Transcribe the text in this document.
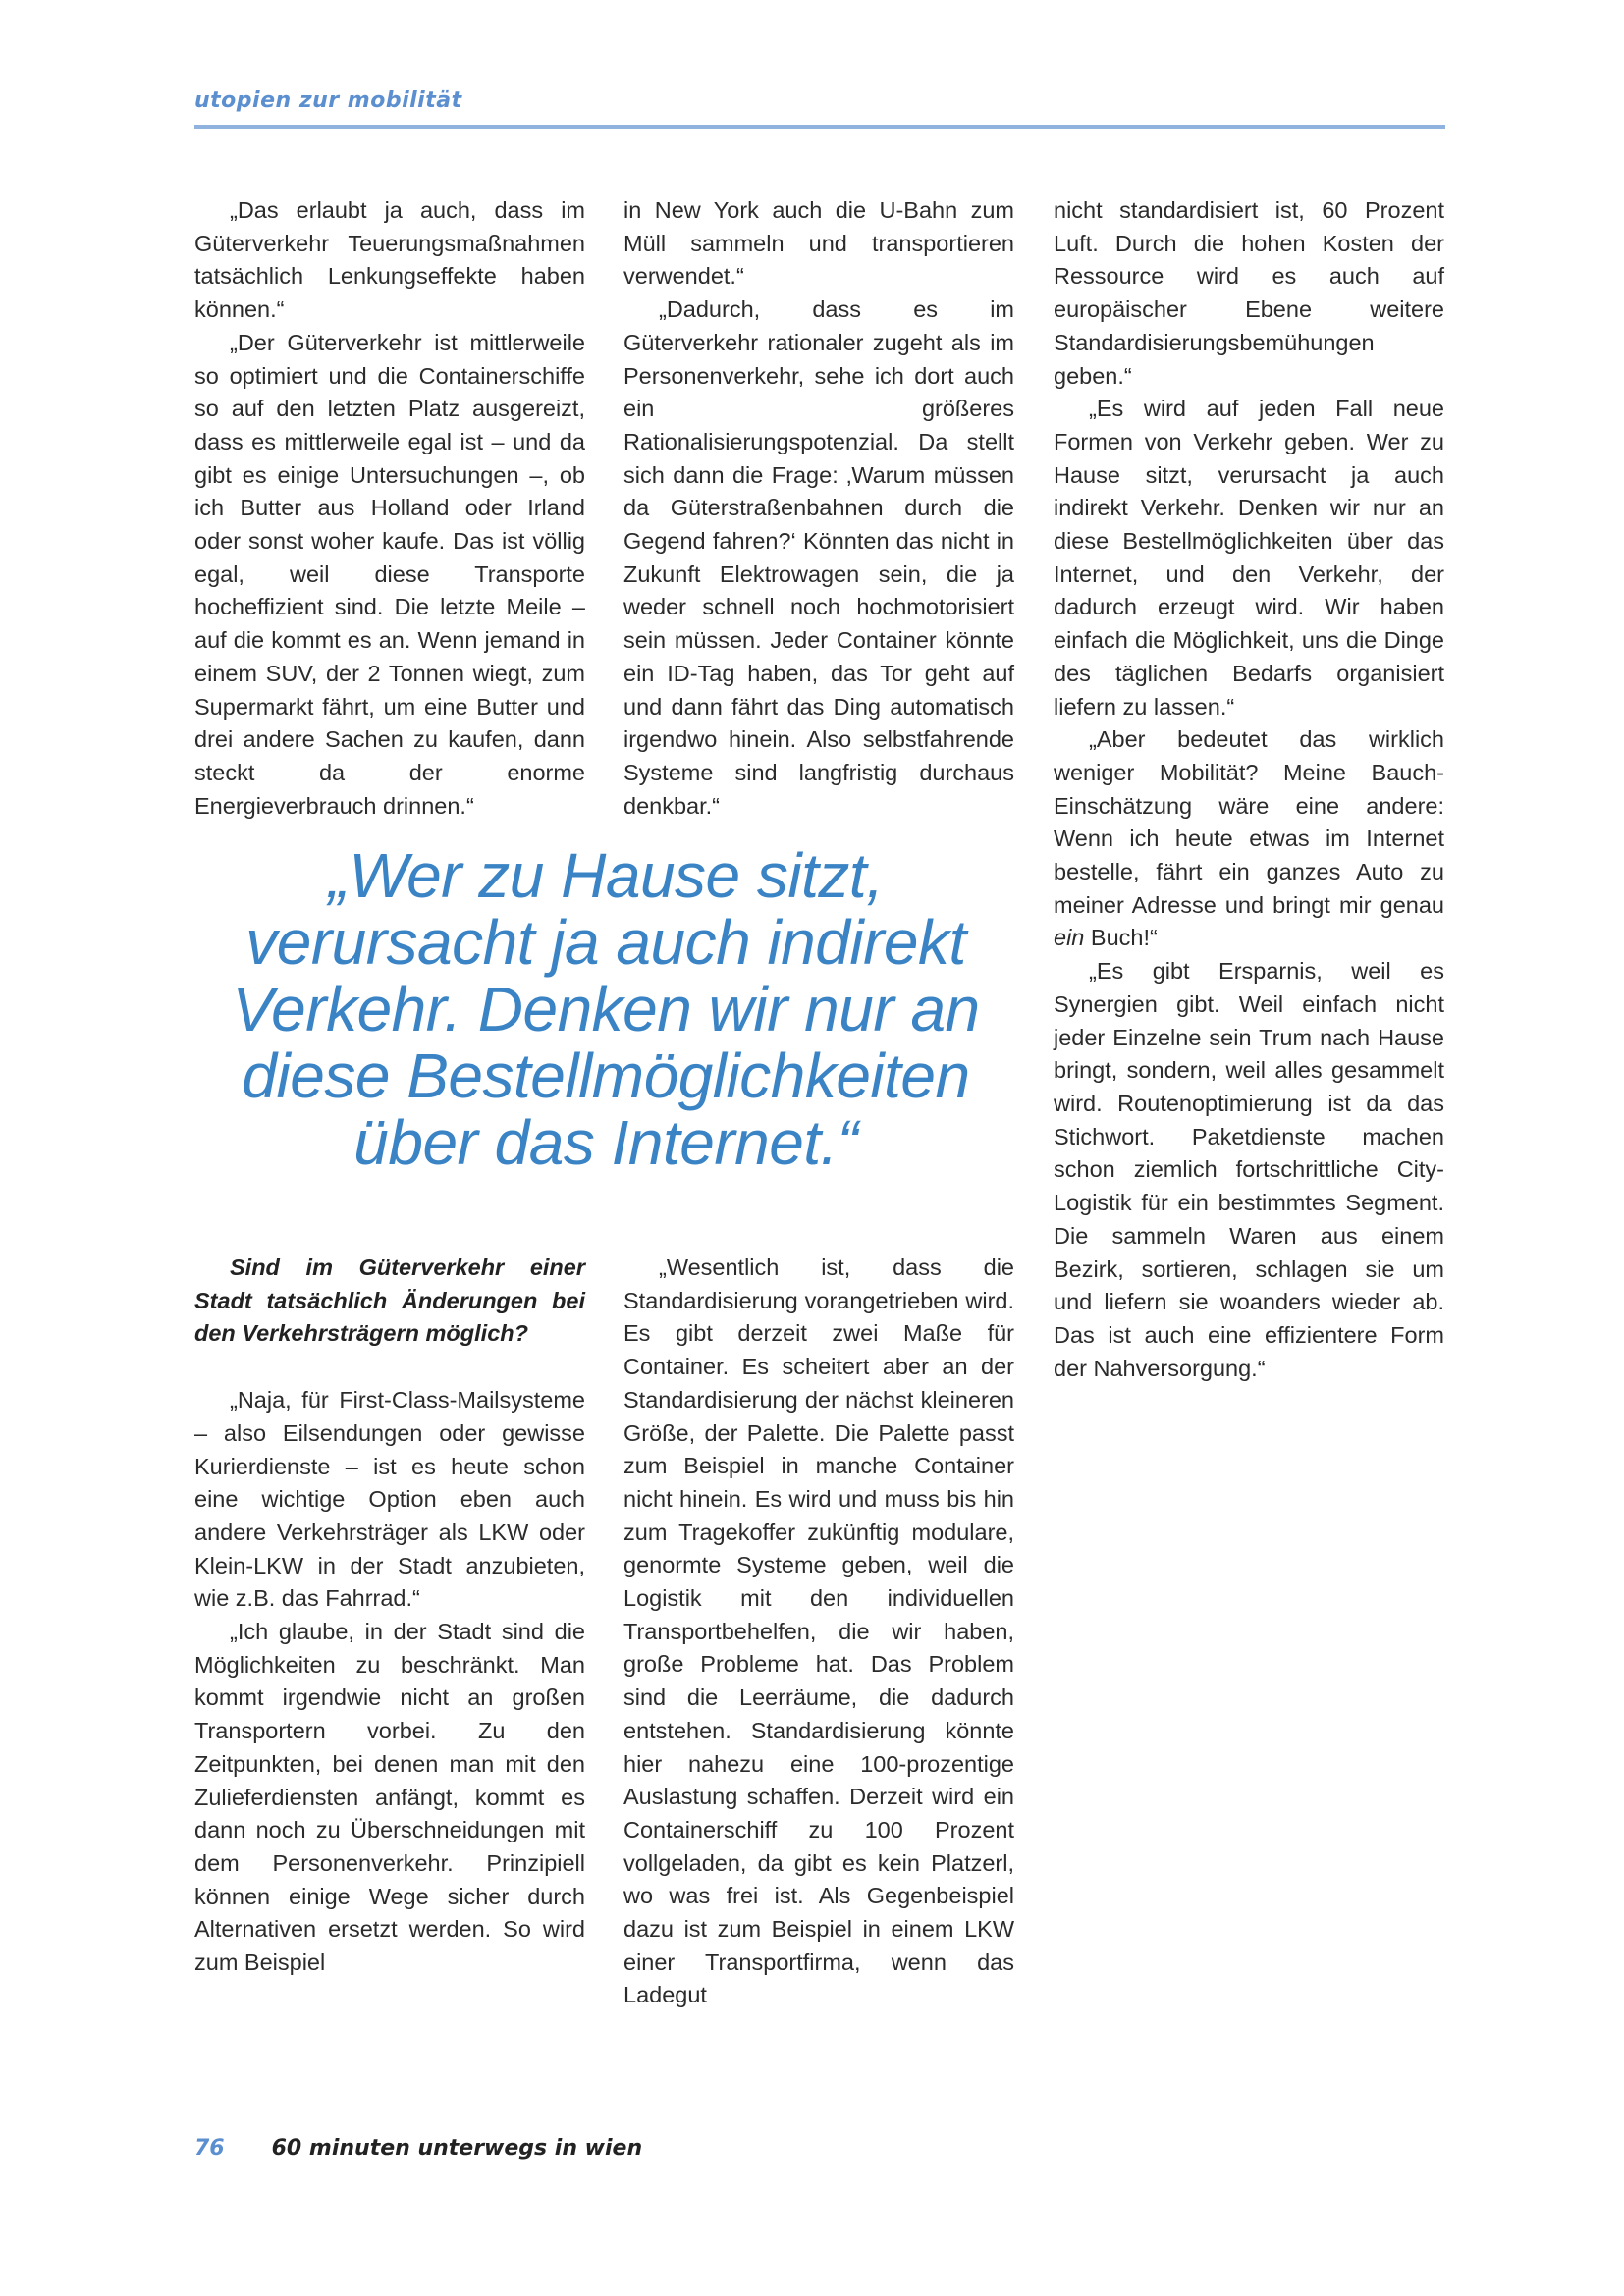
utopien zur mobilität

„Das erlaubt ja auch, dass im Güterverkehr Teuerungsmaßnahmen tatsächlich Lenkungseffekte haben können.“

„Der Güterverkehr ist mittlerweile so optimiert und die Containerschiffe so auf den letzten Platz ausgereizt, dass es mittlerweile egal ist – und da gibt es einige Untersuchungen –, ob ich Butter aus Holland oder Irland oder sonst woher kaufe. Das ist völlig egal, weil diese Transporte hocheffizient sind. Die letzte Meile – auf die kommt es an. Wenn jemand in einem SUV, der 2 Tonnen wiegt, zum Supermarkt fährt, um eine Butter und drei andere Sachen zu kaufen, dann steckt da der enorme Energieverbrauch drinnen.“

in New York auch die U-Bahn zum Müll sammeln und transportieren verwendet.“

„Dadurch, dass es im Güterverkehr rationaler zugeht als im Personenverkehr, sehe ich dort auch ein größeres Rationalisierungspotenzial. Da stellt sich dann die Frage: ‚Warum müssen da Güterstraßenbahnen durch die Gegend fahren?‘ Könnten das nicht in Zukunft Elektrowagen sein, die ja weder schnell noch hochmotorisiert sein müssen. Jeder Container könnte ein ID-Tag haben, das Tor geht auf und dann fährt das Ding automatisch irgendwo hinein. Also selbstfahrende Systeme sind langfristig durchaus denkbar.“

nicht standardisiert ist, 60 Prozent Luft. Durch die hohen Kosten der Ressource wird es auch auf europäischer Ebene weitere Standardisierungsbemühungen geben.“

„Es wird auf jeden Fall neue Formen von Verkehr geben. Wer zu Hause sitzt, verursacht ja auch indirekt Verkehr. Denken wir nur an diese Bestellmöglichkeiten über das Internet, und den Verkehr, der dadurch erzeugt wird. Wir haben einfach die Möglichkeit, uns die Dinge des täglichen Bedarfs organisiert liefern zu lassen.“

„Aber bedeutet das wirklich weniger Mobilität? Meine Bauch-Einschätzung wäre eine andere: Wenn ich heute etwas im Internet bestelle, fährt ein ganzes Auto zu meiner Adresse und bringt mir genau ein Buch!“

„Es gibt Ersparnis, weil es Synergien gibt. Weil einfach nicht jeder Einzelne sein Trum nach Hause bringt, sondern, weil alles gesammelt wird. Routenoptimierung ist da das Stichwort. Paketdienste machen schon ziemlich fortschrittliche City-Logistik für ein bestimmtes Segment. Die sammeln Waren aus einem Bezirk, sortieren, schlagen sie um und liefern sie woanders wieder ab. Das ist auch eine effizientere Form der Nahversorgung.“

„Wer zu Hause sitzt,
verursacht ja auch indirekt
Verkehr. Denken wir nur an
diese Bestellmöglichkeiten
über das Internet.“

Sind im Güterverkehr einer Stadt tatsächlich Änderungen bei den Verkehrsträgern möglich?

„Naja, für First-Class-Mailsysteme – also Eilsendungen oder gewisse Kurierdienste – ist es heute schon eine wichtige Option eben auch andere Verkehrsträger als LKW oder Klein-LKW in der Stadt anzubieten, wie z.B. das Fahrrad.“

„Ich glaube, in der Stadt sind die Möglichkeiten zu beschränkt. Man kommt irgendwie nicht an großen Transportern vorbei. Zu den Zeitpunkten, bei denen man mit den Zulieferdiensten anfängt, kommt es dann noch zu Überschneidungen mit dem Personenverkehr. Prinzipiell können einige Wege sicher durch Alternativen ersetzt werden. So wird zum Beispiel

„Wesentlich ist, dass die Standardisierung vorangetrieben wird. Es gibt derzeit zwei Maße für Container. Es scheitert aber an der Standardisierung der nächst kleineren Größe, der Palette. Die Palette passt zum Beispiel in manche Container nicht hinein. Es wird und muss bis hin zum Tragekoffer zukünftig modulare, genormte Systeme geben, weil die Logistik mit den individuellen Transportbehelfen, die wir haben, große Probleme hat. Das Problem sind die Leerräume, die dadurch entstehen. Standardisierung könnte hier nahezu eine 100-prozentige Auslastung schaffen. Derzeit wird ein Containerschiff zu 100 Prozent vollgeladen, da gibt es kein Platzerl, wo was frei ist. Als Gegenbeispiel dazu ist zum Beispiel in einem LKW einer Transportfirma, wenn das Ladegut

76 60 minuten unterwegs in wien
